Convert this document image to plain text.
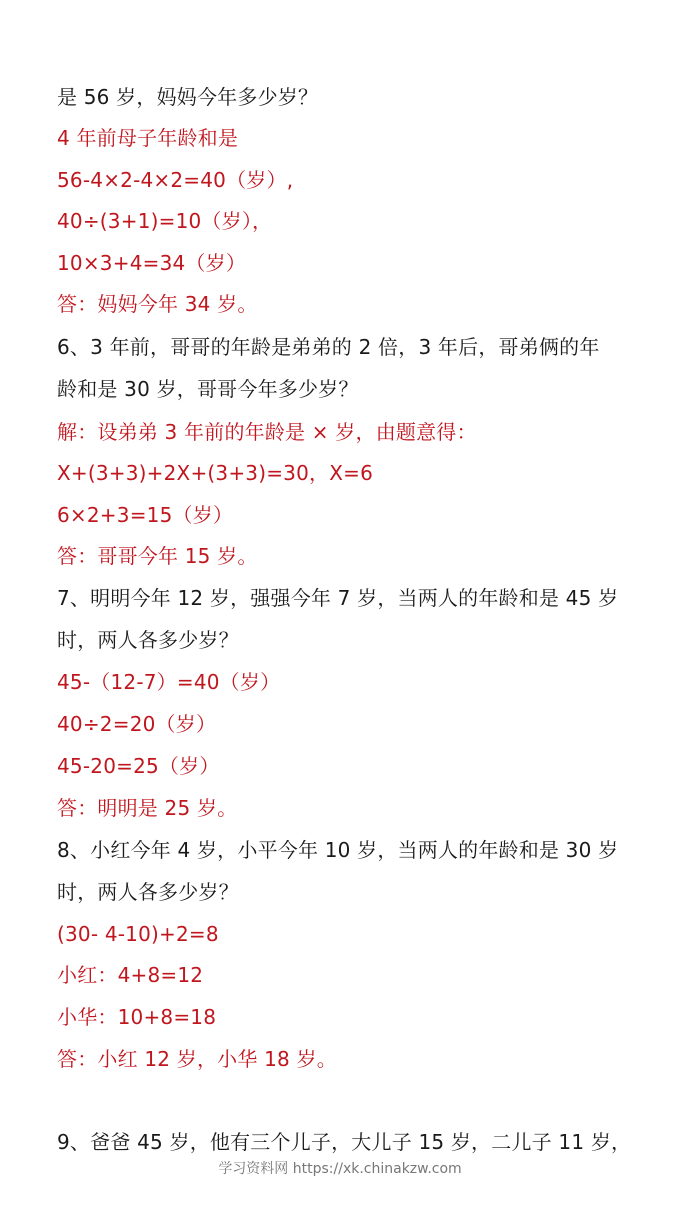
是 56 岁，妈妈今年多少岁？
4 年前母子年龄和是
56-4×2-4×2=40（岁）,
40÷(3+1)=10（岁），
10×3+4=34（岁）
答：妈妈今年 34 岁。
6、3 年前，哥哥的年龄是弟弟的 2 倍，3 年后，哥弟俩的年
龄和是 30 岁，哥哥今年多少岁？
解：设弟弟 3 年前的年龄是 × 岁，由题意得：
X+(3+3)+2X+(3+3)=30，X=6
6×2+3=15（岁）
答：哥哥今年 15 岁。
7、明明今年 12 岁，强强今年 7 岁，当两人的年龄和是 45 岁
时，两人各多少岁？
45-（12-7）=40（岁）
40÷2=20（岁）
45-20=25（岁）
答：明明是 25 岁。
8、小红今年 4 岁，小平今年 10 岁，当两人的年龄和是 30 岁
时，两人各多少岁？
(30- 4-10)+2=8
小红：4+8=12
小华：10+8=18
答：小红 12 岁，小华 18 岁。
9、爸爸 45 岁，他有三个儿子，大儿子 15 岁，二儿子 11 岁，
学习资料网 https://xk.chinakzw.com
